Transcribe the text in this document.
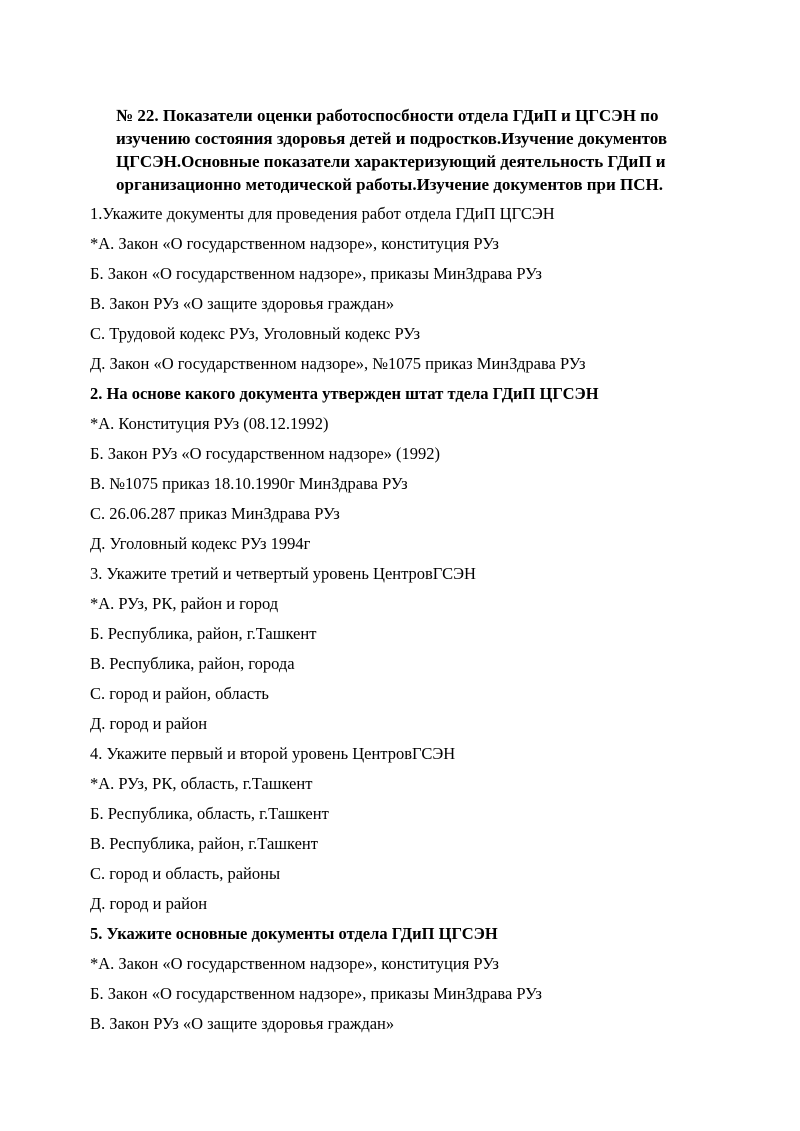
№ 22. Показатели оценки работоспосбности отдела ГДиП и ЦГСЭН по изучению состояния здоровья детей и подростков.Изучение документов ЦГСЭН.Основные показатели характеризующий деятельность ГДиП и организационно методической работы.Изучение документов при ПСН.

1.Укажите документы для проведения работ отдела ГДиП ЦГСЭН

*А. Закон «О государственном надзоре», конституция РУз

Б. Закон «О государственном надзоре», приказы МинЗдрава РУз

В. Закон РУз «О защите здоровья граждан»

С. Трудовой кодекс РУз, Уголовный кодекс РУз

Д. Закон «О государственном надзоре», №1075 приказ МинЗдрава РУз

2. На основе какого документа утвержден штат тдела ГДиП ЦГСЭН

*А. Конституция РУз (08.12.1992)

Б. Закон РУз «О государственном надзоре» (1992)

В. №1075 приказ 18.10.1990г МинЗдрава РУз

С. 26.06.287 приказ МинЗдрава РУз

Д. Уголовный кодекс РУз 1994г

3. Укажите третий и четвертый уровень ЦентровГСЭН

*А. РУз, РК, район и город

Б. Республика, район, г.Ташкент

В. Республика, район, города

С. город и район, область

Д. город и район

4. Укажите первый и второй уровень ЦентровГСЭН

*А. РУз, РК, область, г.Ташкент

Б. Республика, область, г.Ташкент

В. Республика, район, г.Ташкент

С. город и область, районы

Д. город и район

5. Укажите основные документы отдела ГДиП ЦГСЭН

*А. Закон «О государственном надзоре», конституция РУз

Б. Закон «О государственном надзоре», приказы МинЗдрава РУз

В. Закон РУз «О защите здоровья граждан»
